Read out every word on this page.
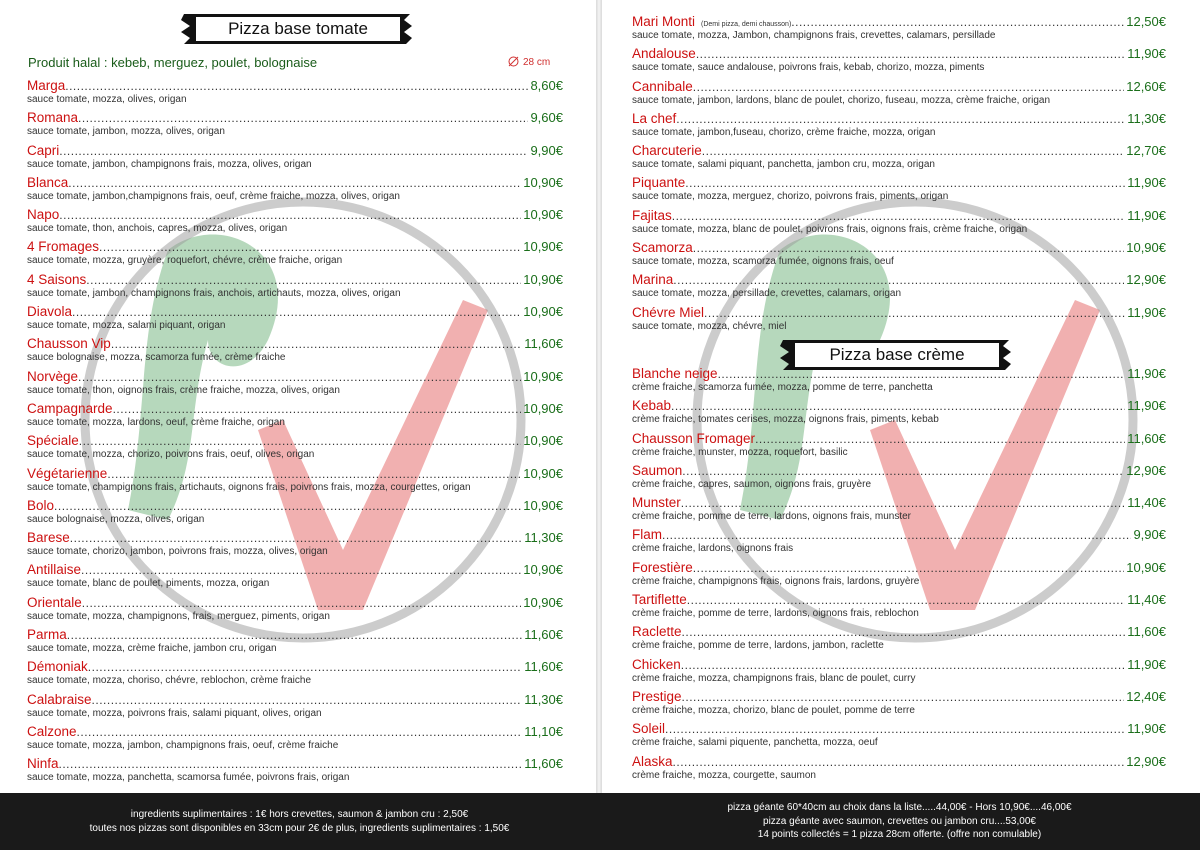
Pizza base tomate
Produit halal : kebeb, merguez, poulet, bolognaise	28 cm
Marga .....	8,60€
sauce tomate, mozza, olives, origan
Romana .....	9,60€
sauce tomate, jambon, mozza, olives, origan
Capri .....	9,90€
sauce tomate, jambon, champignons frais, mozza, olives, origan
Blanca .....	10,90€
sauce tomate, jambon,champignons frais, oeuf, crème fraiche, mozza, olives, origan
Napo .....	10,90€
sauce tomate, thon, anchois, capres, mozza, olives, origan
4 Fromages .....	10,90€
sauce tomate, mozza, gruyère, roquefort, chévre, crème fraiche, origan
4 Saisons .....	10,90€
sauce tomate, jambon, champignons frais, anchois, artichauts, mozza, olives, origan
Diavola .....	10,90€
sauce tomate, mozza, salami piquant, origan
Chausson Vip .....	11,60€
sauce bolognaise, mozza, scamorza fumée, crème fraiche
Norvège .....	10,90€
sauce tomate, thon, oignons frais, crème fraiche, mozza, olives, origan
Campagnarde .....	10,90€
sauce tomate, mozza, lardons, oeuf, crème fraiche, origan
Spéciale .....	10,90€
sauce tomate, mozza, chorizo, poivrons frais, oeuf, olives, origan
Végétarienne .....	10,90€
sauce tomate, champignons frais, artichauts, oignons frais, poivrons frais, mozza, courgettes, origan
Bolo .....	10,90€
sauce bolognaise, mozza, olives, origan
Barese .....	11,30€
sauce tomate, chorizo, jambon, poivrons frais, mozza, olives, origan
Antillaise .....	10,90€
sauce tomate, blanc de poulet, piments, mozza, origan
Orientale .....	10,90€
sauce tomate, mozza, champignons, frais, merguez, piments, origan
Parma .....	11,60€
sauce tomate, mozza, crème fraiche, jambon cru, origan
Démoniak .....	11,60€
sauce tomate, mozza, choriso, chévre, reblochon, crème fraiche
Calabraise .....	11,30€
sauce tomate, mozza, poivrons frais, salami piquant, olives, origan
Calzone .....	11,10€
sauce tomate, mozza, jambon, champignons frais, oeuf, crème fraiche
Ninfa .....	11,60€
sauce tomate, mozza, panchetta, scamorsa fumée, poivrons frais, origan
Mari Monti (Demi pizza, demi chausson) .....	12,50€
sauce tomate, mozza, Jambon, champignons frais, crevettes, calamars, persillade
Andalouse .....	11,90€
sauce tomate, sauce andalouse, poivrons frais, kebab, chorizo, mozza, piments
Cannibale .....	12,60€
sauce tomate, jambon, lardons, blanc de poulet, chorizo, fuseau, mozza, crème fraiche, origan
La chef .....	11,30€
sauce tomate, jambon,fuseau, chorizo, crème fraiche, mozza, origan
Charcuterie .....	12,70€
sauce tomate, salami piquant, panchetta, jambon cru, mozza, origan
Piquante .....	11,90€
sauce tomate, mozza, merguez, chorizo, poivrons frais, piments, origan
Fajitas .....	11,90€
sauce tomate, mozza, blanc de poulet, poivrons frais, oignons frais, crème fraiche, origan
Scamorza .....	10,90€
sauce tomate, mozza, scamorza fumée, oignons frais, oeuf
Marina .....	12,90€
sauce tomate, mozza, persillade, crevettes, calamars, origan
Chévre Miel .....	11,90€
sauce tomate, mozza, chévre, miel
Pizza base crème
Blanche neige .....	11,90€
crème fraiche, scamorza fumée, mozza, pomme de terre, panchetta
Kebab .....	11,90€
crème fraiche, tomates cerises, mozza, oignons frais, piments, kebab
Chausson Fromager .....	11,60€
crème fraiche, munster, mozza, roquefort, basilic
Saumon .....	12,90€
crème fraiche, capres, saumon, oignons frais, gruyère
Munster .....	11,40€
crème fraiche, pomme de terre, lardons, oignons frais, munster
Flam .....	9,90€
crème fraiche, lardons, oignons frais
Forestière .....	10,90€
crème fraiche, champignons frais, oignons frais, lardons, gruyère
Tartiflette .....	11,40€
crème fraiche, pomme de terre, lardons, oignons frais, reblochon
Raclette .....	11,60€
crème fraiche, pomme de terre, lardons, jambon, raclette
Chicken .....	11,90€
crème fraiche, mozza, champignons frais, blanc de poulet, curry
Prestige .....	12,40€
crème fraiche, mozza, chorizo, blanc de poulet, pomme de terre
Soleil .....	11,90€
crème fraiche, salami piquente, panchetta, mozza, oeuf
Alaska .....	12,90€
crème fraiche, mozza, courgette, saumon
ingredients suplimentaires : 1€ hors crevettes, saumon & jambon cru : 2,50€
toutes nos pizzas sont disponibles en 33cm pour 2€ de plus, ingredients suplimentaires : 1,50€
pizza géante 60*40cm au choix dans la liste.....44,00€ - Hors 10,90€....46,00€
pizza géante avec saumon, crevettes ou jambon cru....53,00€
14 points collectés = 1 pizza 28cm offerte. (offre non comulable)
